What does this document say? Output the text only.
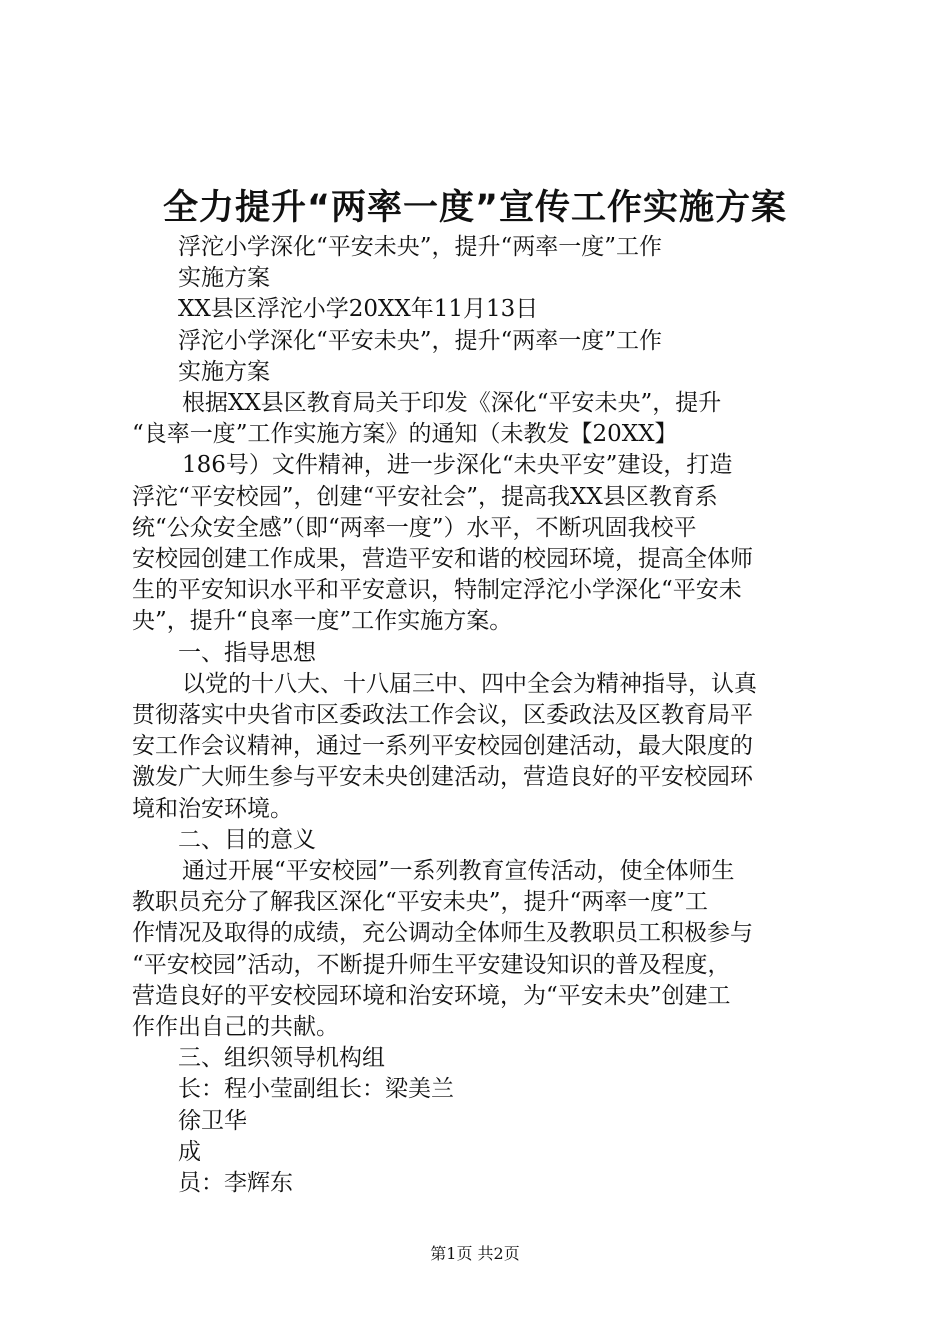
全力提升“两率一度”宣传工作实施方案
浮沱小学深化“平安未央”，提升“两率一度”工作
实施方案
XX县区浮沱小学20XX年11月13日
浮沱小学深化“平安未央”，提升“两率一度”工作
实施方案
根据XX县区教育局关于印发《深化“平安未央”，提升
“良率一度”工作实施方案》的通知（未教发【20XX】
186号）文件精神，进一步深化“未央平安”建设，打造
浮沱“平安校园”，创建“平安社会”，提高我XX县区教育系
统“公众安全感”（即“两率一度”）水平，不断巩固我校平
安校园创建工作成果，营造平安和谐的校园环境，提高全体师
生的平安知识水平和平安意识，特制定浮沱小学深化“平安未
央”，提升“良率一度”工作实施方案。
一、指导思想
以党的十八大、十八届三中、四中全会为精神指导，认真
贯彻落实中央省市区委政法工作会议，区委政法及区教育局平
安工作会议精神，通过一系列平安校园创建活动，最大限度的
激发广大师生参与平安未央创建活动，营造良好的平安校园环
境和治安环境。
二、目的意义
通过开展“平安校园”一系列教育宣传活动，使全体师生
教职员充分了解我区深化“平安未央”，提升“两率一度”工
作情况及取得的成绩，充公调动全体师生及教职员工积极参与
“平安校园”活动，不断提升师生平安建设知识的普及程度，
营造良好的平安校园环境和治安环境，为“平安未央”创建工
作作出自己的共献。
三、组织领导机构组
长：程小莹副组长：梁美兰
徐卫华
成
员：李辉东
第1页 共2页
